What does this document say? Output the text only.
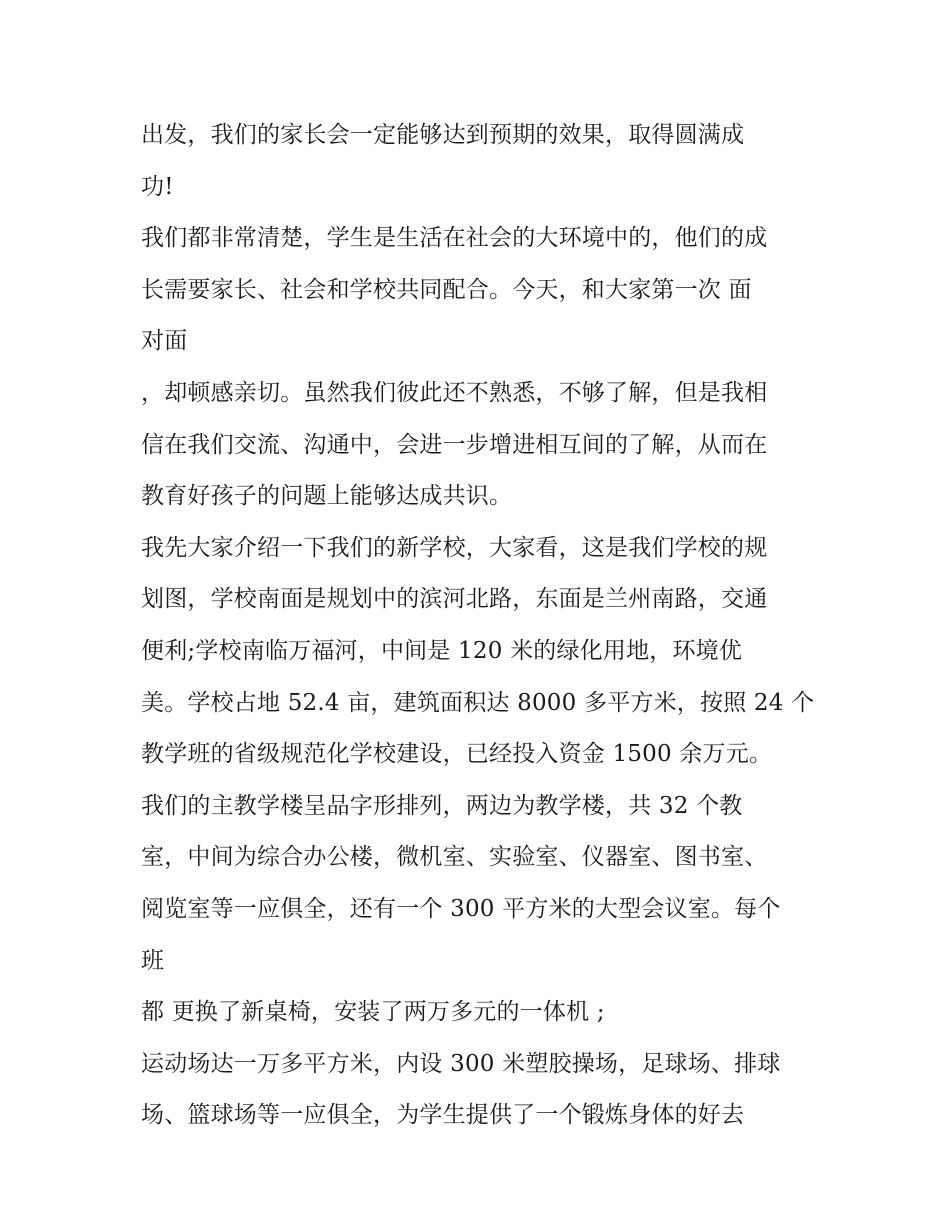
出发，我们的家长会一定能够达到预期的效果，取得圆满成
功!
我们都非常清楚，学生是生活在社会的大环境中的，他们的成
长需要家长、社会和学校共同配合。今天，和大家第一次 面
对面
，却顿感亲切。虽然我们彼此还不熟悉，不够了解，但是我相
信在我们交流、沟通中，会进一步增进相互间的了解，从而在
教育好孩子的问题上能够达成共识。
我先大家介绍一下我们的新学校，大家看，这是我们学校的规
划图，学校南面是规划中的滨河北路，东面是兰州南路，交通
便利;学校南临万福河，中间是 120 米的绿化用地，环境优
美。学校占地 52.4 亩，建筑面积达 8000 多平方米，按照 24 个
教学班的省级规范化学校建设，已经投入资金 1500 余万元。
我们的主教学楼呈品字形排列，两边为教学楼，共 32 个教
室，中间为综合办公楼，微机室、实验室、仪器室、图书室、
阅览室等一应俱全，还有一个 300 平方米的大型会议室。每个
班
都 更换了新桌椅，安装了两万多元的一体机 ;
运动场达一万多平方米，内设 300 米塑胶操场，足球场、排球
场、篮球场等一应俱全，为学生提供了一个锻炼身体的好去
